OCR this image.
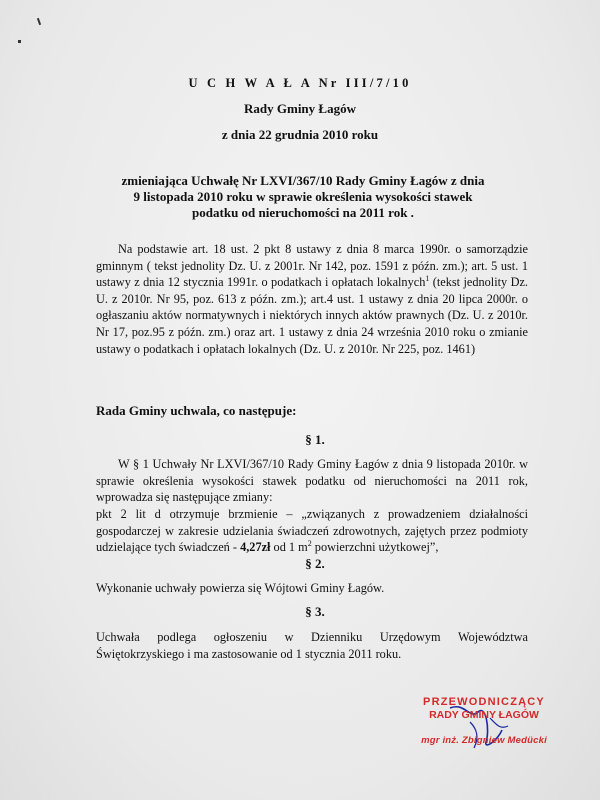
U C H W A Ł A Nr III/7/10
Rady Gminy Łagów
z dnia 22 grudnia 2010 roku
zmieniająca Uchwałę Nr LXVI/367/10 Rady Gminy Łagów z dnia 9 listopada 2010 roku w sprawie określenia wysokości stawek podatku od nieruchomości na 2011 rok .
Na podstawie art. 18 ust. 2 pkt 8 ustawy z dnia 8 marca 1990r. o samorządzie gminnym ( tekst jednolity Dz. U. z 2001r. Nr 142, poz. 1591 z późn. zm.); art. 5 ust. 1 ustawy z dnia 12 stycznia 1991r. o podatkach i opłatach lokalnych$^1$ (tekst jednolity Dz. U. z 2010r. Nr 95, poz. 613 z późn. zm.); art.4 ust. 1 ustawy z dnia 20 lipca 2000r. o ogłaszaniu aktów normatywnych i niektórych innych aktów prawnych (Dz. U. z 2010r. Nr 17, poz.95 z późn. zm.) oraz art. 1 ustawy z dnia 24 września 2010 roku o zmianie ustawy o podatkach i opłatach lokalnych (Dz. U. z 2010r. Nr 225, poz. 1461)
Rada Gminy uchwala, co następuje:
§ 1.
W § 1 Uchwały Nr LXVI/367/10 Rady Gminy Łagów z dnia 9 listopada 2010r. w sprawie określenia wysokości stawek podatku od nieruchomości na 2011 rok, wprowadza się następujące zmiany:
pkt 2 lit d otrzymuje brzmienie – „związanych z prowadzeniem działalności gospodarczej w zakresie udzielania świadczeń zdrowotnych, zajętych przez podmioty udzielające tych świadczeń - 4,27zł od 1 $m^2$ powierzchni użytkowej”,
§ 2.
Wykonanie uchwały powierza się Wójtowi Gminy Łagów.
§ 3.
Uchwała podlega ogłoszeniu w Dzienniku Urzędowym Województwa Świętokrzyskiego i ma zastosowanie od 1 stycznia 2011 roku.
PRZEWODNICZĄCY
RADY GMINY ŁAGÓW
mgr inż. Zbigniew Medücki
